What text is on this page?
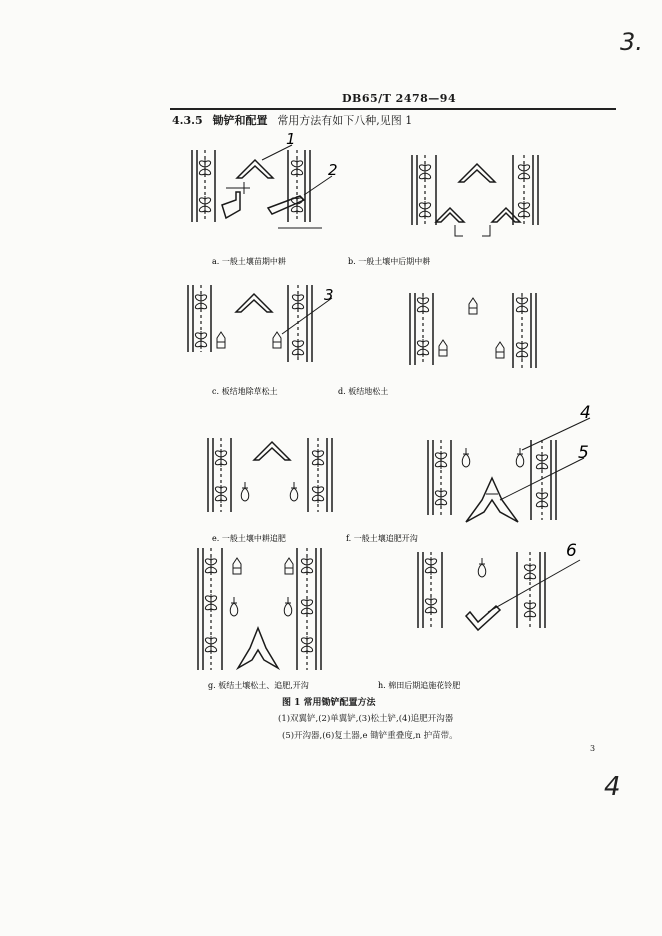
3.
DB65/T 2478—94
4.3.5 锄铲和配置 常用方法有如下八种,见图 1
1
2
3
4
5
6
a. 一般土壤苗期中耕	b. 一般土壤中后期中耕
c. 板结地除草松土	d. 板结地松土
e. 一般土壤中耕追肥	f. 一般土壤追肥开沟
g. 板结土壤松土、追肥,开沟	h. 棉田后期追施花铃肥
图 1 常用锄铲配置方法
(1)双翼铲,(2)单翼铲,(3)松土铲,(4)追肥开沟器
(5)开沟器,(6)复土器,e 锄铲重叠度,n 护苗带。
3
4
